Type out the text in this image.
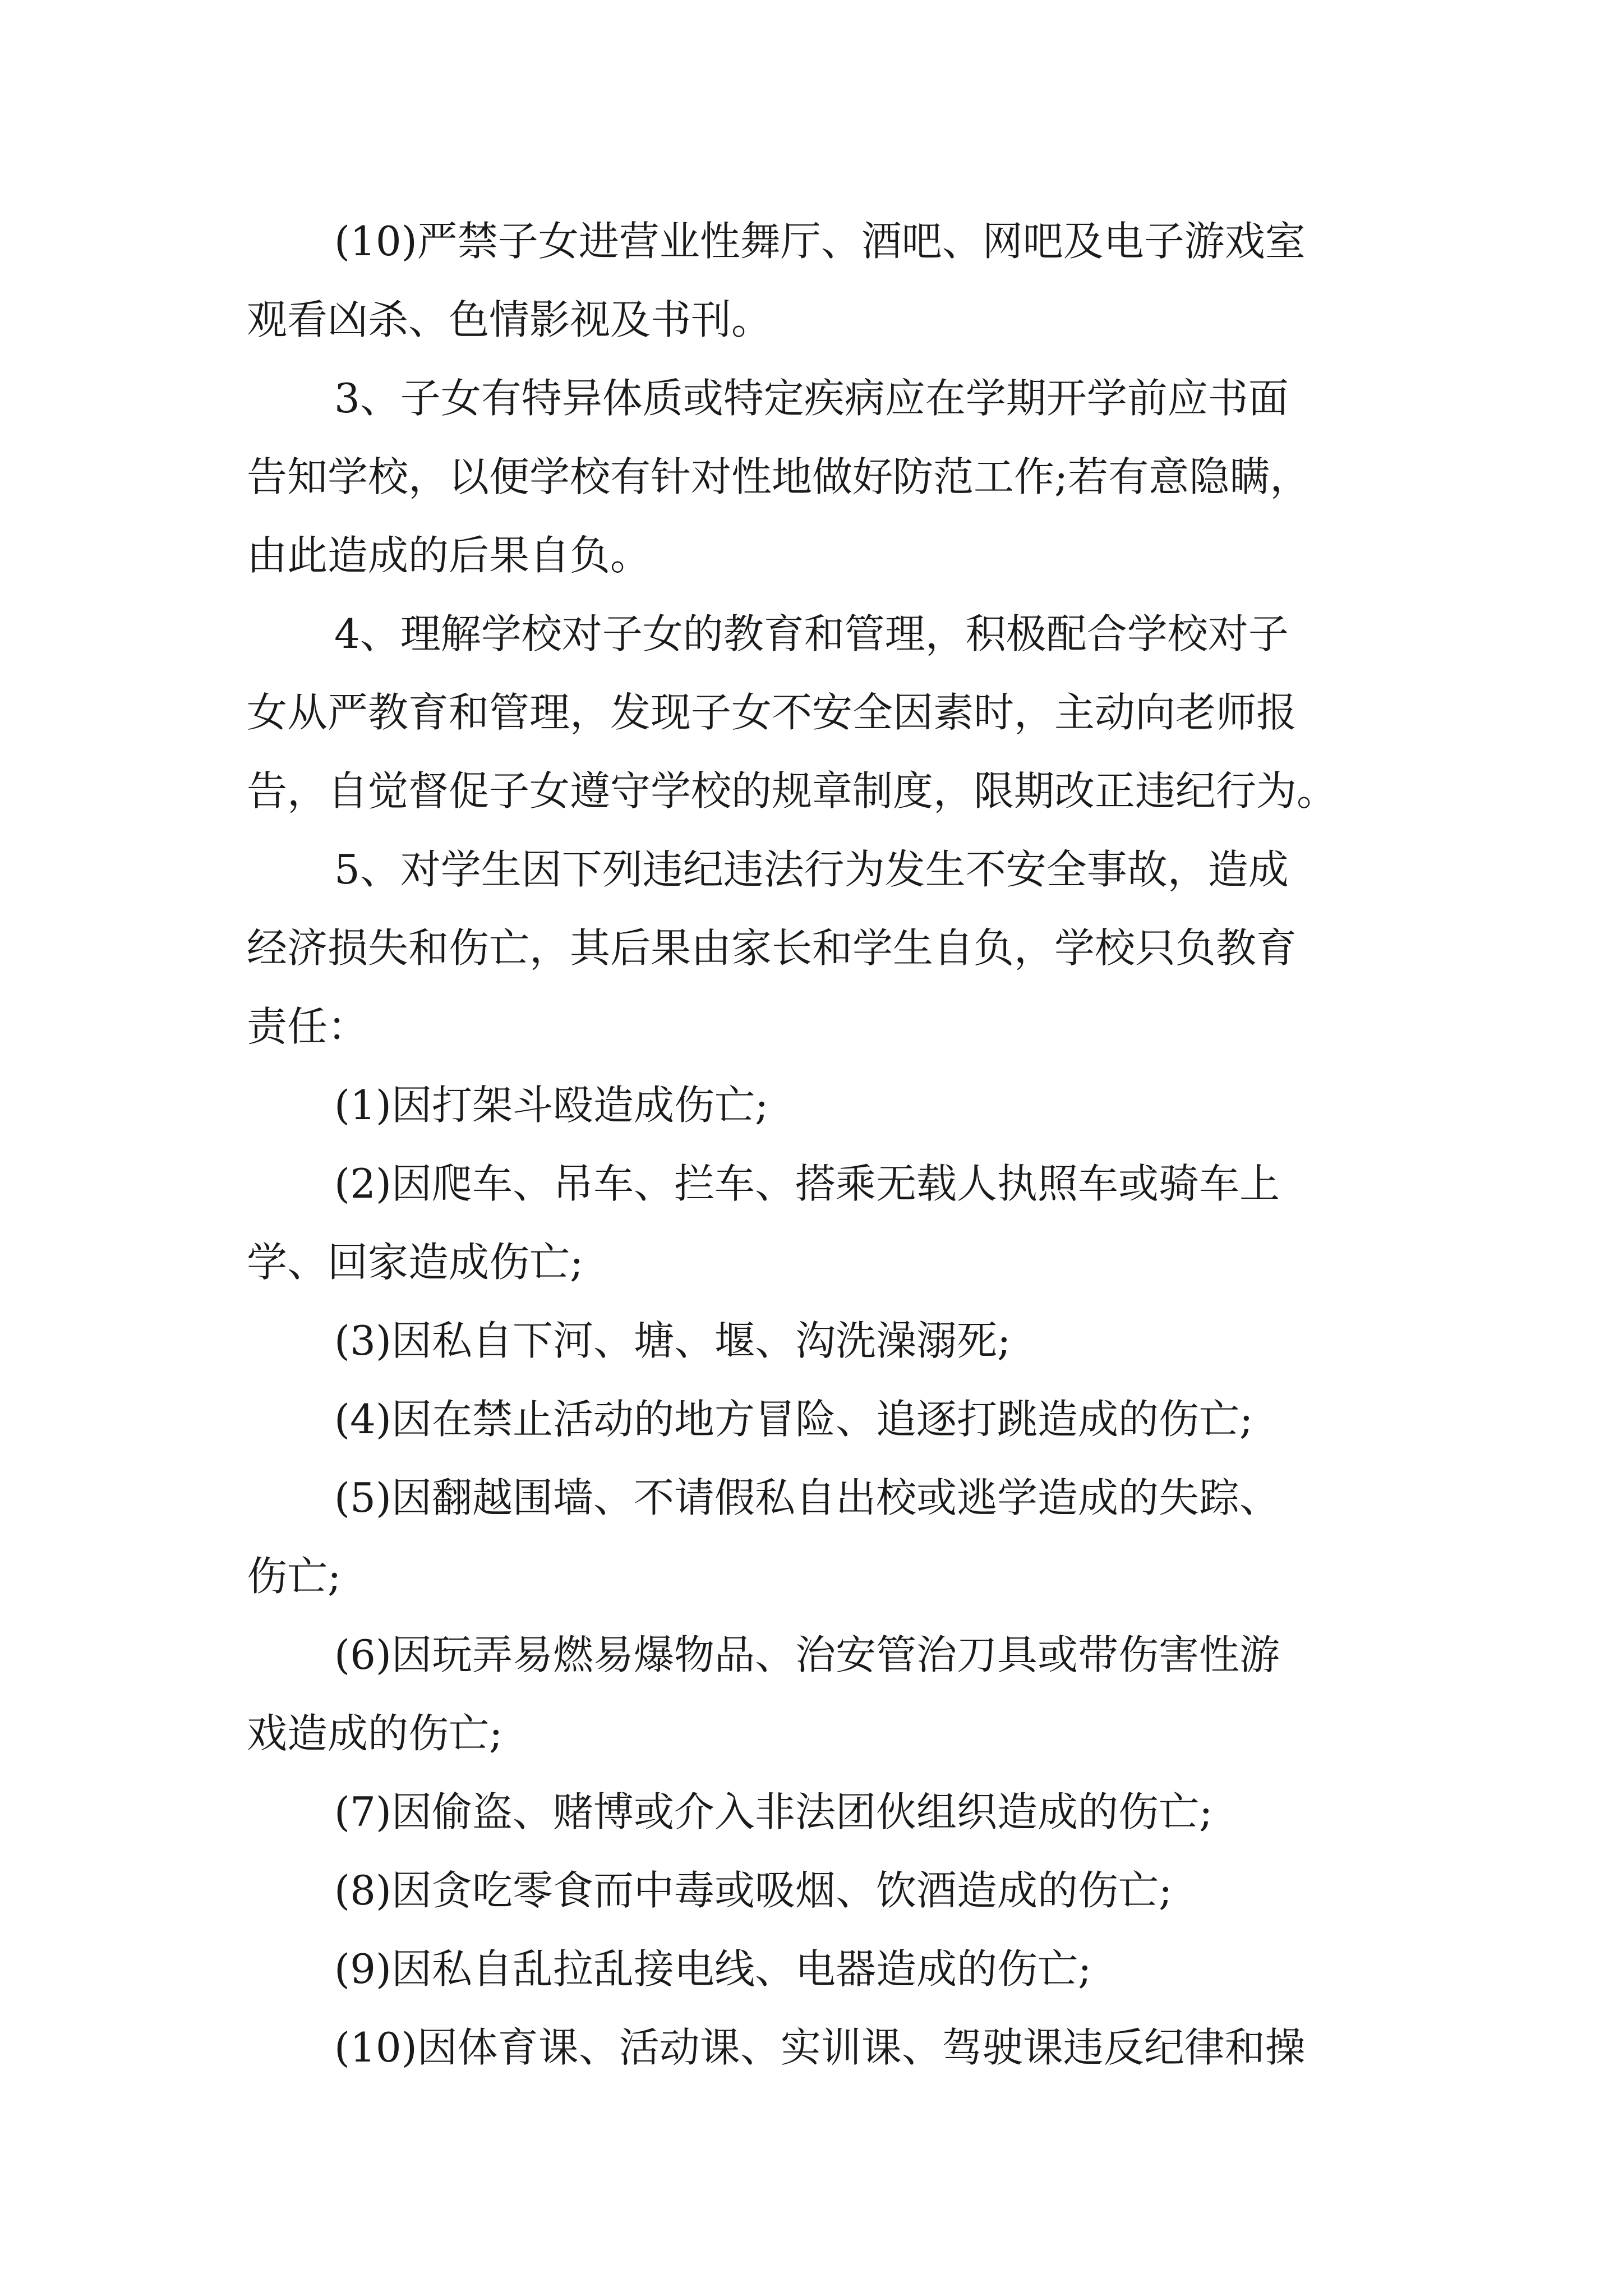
(10)严禁子女进营业性舞厅、酒吧、网吧及电子游戏室
观看凶杀、色情影视及书刊。
3、子女有特异体质或特定疾病应在学期开学前应书面
告知学校，以便学校有针对性地做好防范工作;若有意隐瞒，
由此造成的后果自负。
4、理解学校对子女的教育和管理，积极配合学校对子
女从严教育和管理，发现子女不安全因素时，主动向老师报
告，自觉督促子女遵守学校的规章制度，限期改正违纪行为。
5、对学生因下列违纪违法行为发生不安全事故，造成
经济损失和伤亡，其后果由家长和学生自负，学校只负教育
责任：
(1)因打架斗殴造成伤亡;
(2)因爬车、吊车、拦车、搭乘无载人执照车或骑车上
学、回家造成伤亡;
(3)因私自下河、塘、堰、沟洗澡溺死;
(4)因在禁止活动的地方冒险、追逐打跳造成的伤亡;
(5)因翻越围墙、不请假私自出校或逃学造成的失踪、
伤亡;
(6)因玩弄易燃易爆物品、治安管治刀具或带伤害性游
戏造成的伤亡;
(7)因偷盗、赌博或介入非法团伙组织造成的伤亡;
(8)因贪吃零食而中毒或吸烟、饮酒造成的伤亡;
(9)因私自乱拉乱接电线、电器造成的伤亡;
(10)因体育课、活动课、实训课、驾驶课违反纪律和操
